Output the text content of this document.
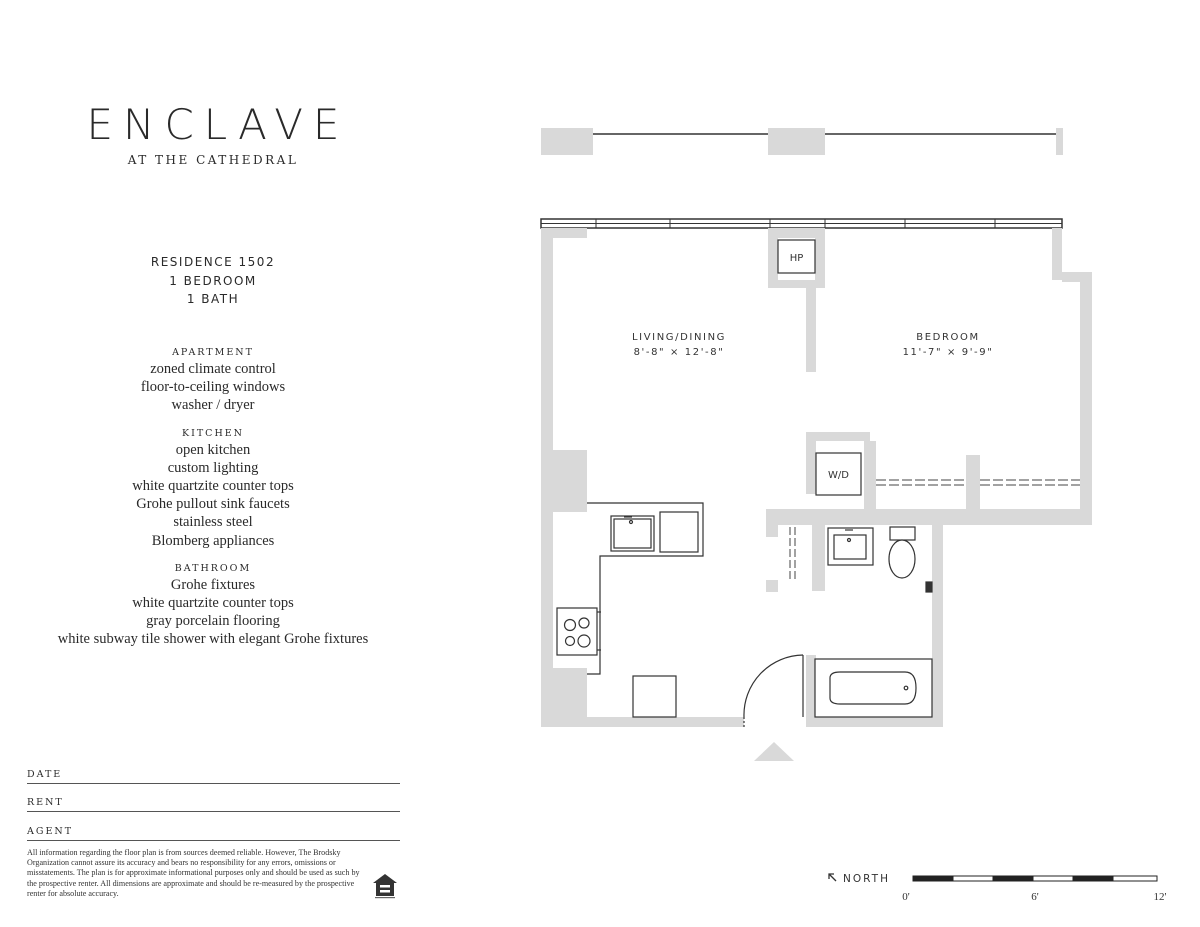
HP
W/D
LIVING/DINING
8'-8" × 12'-8"
BEDROOM
11'-7" × 9'-9"
NORTH
0'	6'	12'
ENCLAVE
AT THE CATHEDRAL
RESIDENCE 1502
1 BEDROOM
1 BATH
APARTMENT
zoned climate control
floor-to-ceiling windows
washer / dryer
KITCHEN
open kitchen
custom lighting
white quartzite counter tops
Grohe pullout sink faucets
stainless steel
Blomberg appliances
BATHROOM
Grohe fixtures
white quartzite counter tops
gray porcelain flooring
white subway tile shower with elegant Grohe fixtures
DATE
RENT
AGENT
All information regarding the floor plan is from sources deemed reliable. However, The Brodsky Organization cannot assure its accuracy and bears no responsibility for any errors, omissions or misstatements. The plan is for approximate informational purposes only and should be used as such by the prospective renter. All dimensions are approximate and should be re-measured by the prospective renter for absolute accuracy.
